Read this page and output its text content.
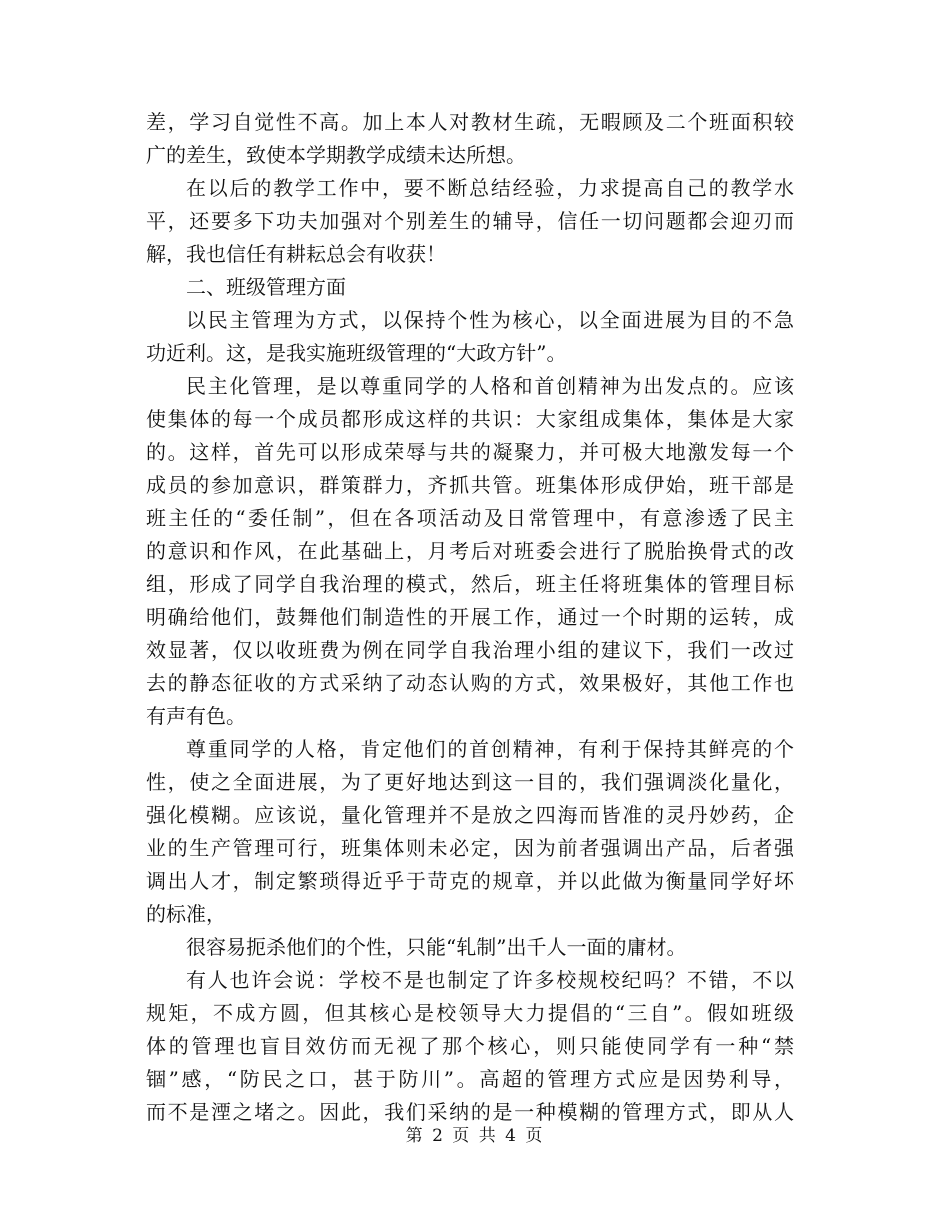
差，学习自觉性不高。加上本人对教材生疏，无暇顾及二个班面积较
广的差生，致使本学期教学成绩未达所想。
在以后的教学工作中，要不断总结经验，力求提高自己的教学水
平，还要多下功夫加强对个别差生的辅导，信任一切问题都会迎刃而
解，我也信任有耕耘总会有收获！
二、班级管理方面
以民主管理为方式，以保持个性为核心，以全面进展为目的不急
功近利。这，是我实施班级管理的“大政方针”。
民主化管理，是以尊重同学的人格和首创精神为出发点的。应该
使集体的每一个成员都形成这样的共识：大家组成集体，集体是大家
的。这样，首先可以形成荣辱与共的凝聚力，并可极大地激发每一个
成员的参加意识，群策群力，齐抓共管。班集体形成伊始，班干部是
班主任的“委任制”，但在各项活动及日常管理中，有意渗透了民主
的意识和作风，在此基础上，月考后对班委会进行了脱胎换骨式的改
组，形成了同学自我治理的模式，然后，班主任将班集体的管理目标
明确给他们，鼓舞他们制造性的开展工作，通过一个时期的运转，成
效显著，仅以收班费为例在同学自我治理小组的建议下，我们一改过
去的静态征收的方式采纳了动态认购的方式，效果极好，其他工作也
有声有色。
尊重同学的人格，肯定他们的首创精神，有利于保持其鲜亮的个
性，使之全面进展，为了更好地达到这一目的，我们强调淡化量化，
强化模糊。应该说，量化管理并不是放之四海而皆准的灵丹妙药，企
业的生产管理可行，班集体则未必定，因为前者强调出产品，后者强
调出人才，制定繁琐得近乎于苛克的规章，并以此做为衡量同学好坏
的标准，
很容易扼杀他们的个性，只能“轧制”出千人一面的庸材。
有人也许会说：学校不是也制定了许多校规校纪吗？不错，不以
规矩，不成方圆，但其核心是校领导大力提倡的“三自”。假如班级
体的管理也盲目效仿而无视了那个核心，则只能使同学有一种“禁
锢”感，“防民之口，甚于防川”。高超的管理方式应是因势利导，
而不是湮之堵之。因此，我们采纳的是一种模糊的管理方式，即从人
第 2 页 共 4 页
